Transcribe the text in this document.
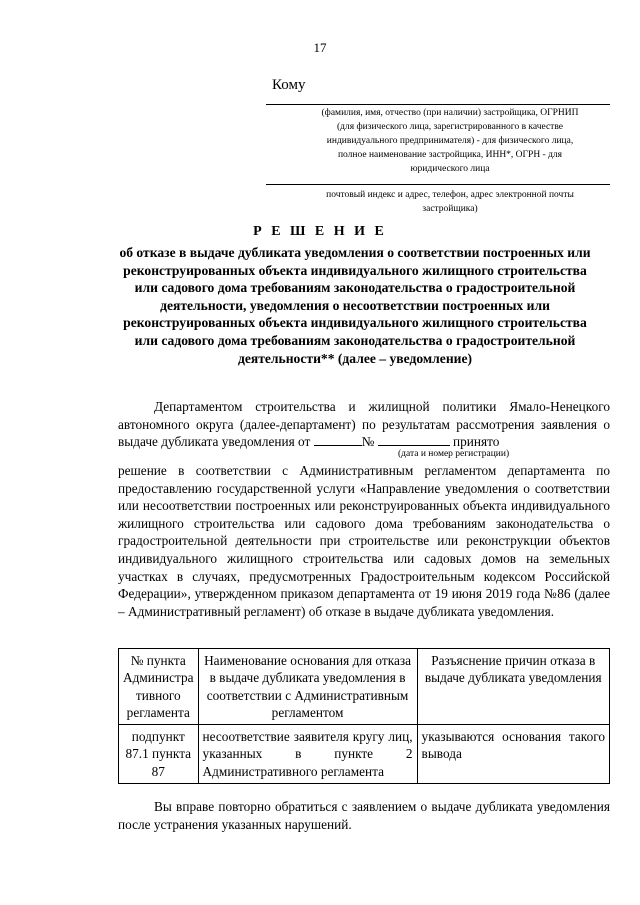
17
Кому
(фамилия, имя, отчество (при наличии) застройщика, ОГРНИП
(для физического лица, зарегистрированного в качестве
индивидуального предпринимателя) - для физического лица,
полное наименование застройщика, ИНН*, ОГРН - для
юридического лица
почтовый индекс и адрес, телефон, адрес электронной почты
застройщика)
Р Е Ш Е Н И Е
об отказе в выдаче дубликата уведомления о соответствии построенных или реконструированных объекта индивидуального жилищного строительства или садового дома требованиям законодательства о градостроительной деятельности, уведомления о несоответствии построенных или реконструированных объекта индивидуального жилищного строительства или садового дома требованиям законодательства о градостроительной деятельности** (далее – уведомление)
Департаментом строительства и жилищной политики Ямало-Ненецкого автономного округа (далее-департамент) по результатам рассмотрения заявления о выдаче дубликата уведомления от	№	принято
(дата и номер регистрации)
решение в соответствии с Административным регламентом департамента по предоставлению государственной услуги «Направление уведомления о соответствии или несоответствии построенных или реконструированных объекта индивидуального жилищного строительства или садового дома требованиям законодательства о градостроительной деятельности при строительстве или реконструкции объектов индивидуального жилищного строительства или садовых домов на земельных участках в случаях, предусмотренных Градостроительным кодексом Российской Федерации», утвержденном приказом департамента от 19 июня 2019 года №86 (далее – Административный регламент) об отказе в выдаче дубликата уведомления.
№ пункта Администра тивного регламента	Наименование основания для отказа в выдаче дубликата уведомления в соответствии с Административным регламентом	Разъяснение причин отказа в выдаче дубликата уведомления
подпункт 87.1 пункта 87	несоответствие заявителя кругу лиц, указанных в пункте 2 Административного регламента	указываются основания такого вывода
Вы вправе повторно обратиться с заявлением о выдаче дубликата уведомления после устранения указанных нарушений.
